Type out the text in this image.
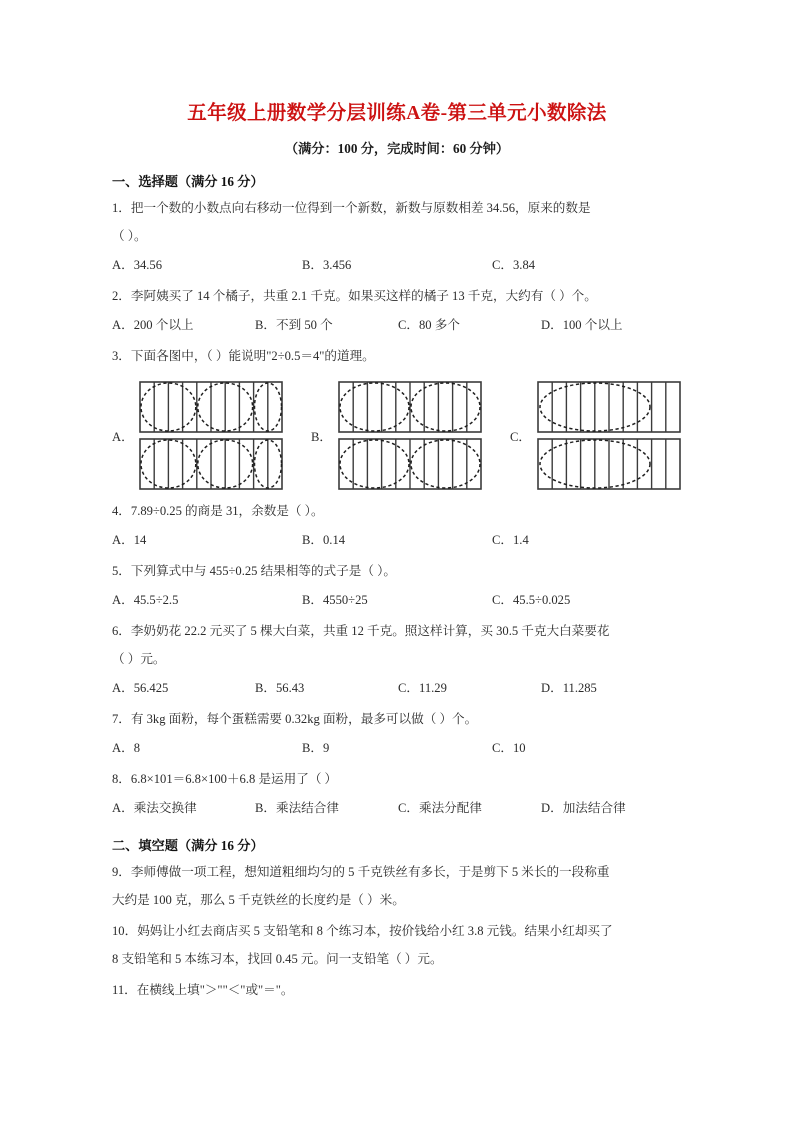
五年级上册数学分层训练A卷-第三单元小数除法
（满分：100 分，完成时间：60 分钟）
一、选择题（满分 16 分）
1．把一个数的小数点向右移动一位得到一个新数，新数与原数相差 34.56，原来的数是
（ ）。
A．34.56	B．3.456	C．3.84
2．李阿姨买了 14 个橘子，共重 2.1 千克。如果买这样的橘子 13 千克，大约有（ ）个。
A．200 个以上	B．不到 50 个	C．80 多个	D．100 个以上
3．下面各图中，（ ）能说明"2÷0.5＝4"的道理。
A．	B．	C．
4．7.89÷0.25 的商是 31，余数是（ ）。
A．14	B．0.14	C．1.4
5．下列算式中与 455÷0.25 结果相等的式子是（ ）。
A．45.5÷2.5	B．4550÷25	C．45.5÷0.025
6．李奶奶花 22.2 元买了 5 棵大白菜，共重 12 千克。照这样计算，买 30.5 千克大白菜要花
（ ）元。
A．56.425	B．56.43	C．11.29	D．11.285
7．有 3kg 面粉，每个蛋糕需要 0.32kg 面粉，最多可以做（ ）个。
A．8	B．9	C．10
8．6.8×101＝6.8×100＋6.8 是运用了（ ）
A．乘法交换律	B．乘法结合律	C．乘法分配律	D．加法结合律
二、填空题（满分 16 分）
9．李师傅做一项工程，想知道粗细均匀的 5 千克铁丝有多长，于是剪下 5 米长的一段称重
大约是 100 克，那么 5 千克铁丝的长度约是（ ）米。
10．妈妈让小红去商店买 5 支铅笔和 8 个练习本，按价钱给小红 3.8 元钱。结果小红却买了
8 支铅笔和 5 本练习本，找回 0.45 元。问一支铅笔（ ）元。
11．在横线上填"＞""＜"或"＝"。
